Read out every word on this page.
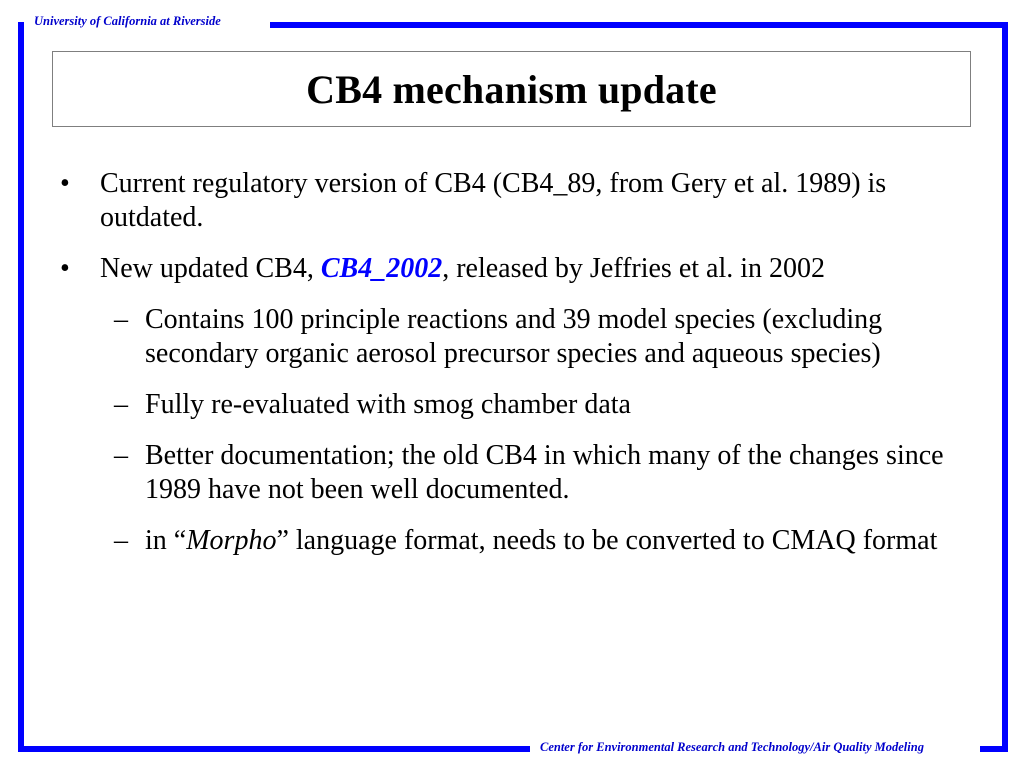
University of California at Riverside
CB4 mechanism update
• Current regulatory version of CB4 (CB4_89, from Gery et al. 1989) is outdated.
• New updated CB4, CB4_2002, released by Jeffries et al. in 2002
– Contains 100 principle reactions and 39 model species (excluding secondary organic aerosol precursor species and aqueous species)
– Fully re-evaluated with smog chamber data
– Better documentation; the old CB4 in which many of the changes since 1989 have not been well documented.
– in “Morpho” language format, needs to be converted to CMAQ format
Center for Environmental Research and Technology/Air Quality Modeling
